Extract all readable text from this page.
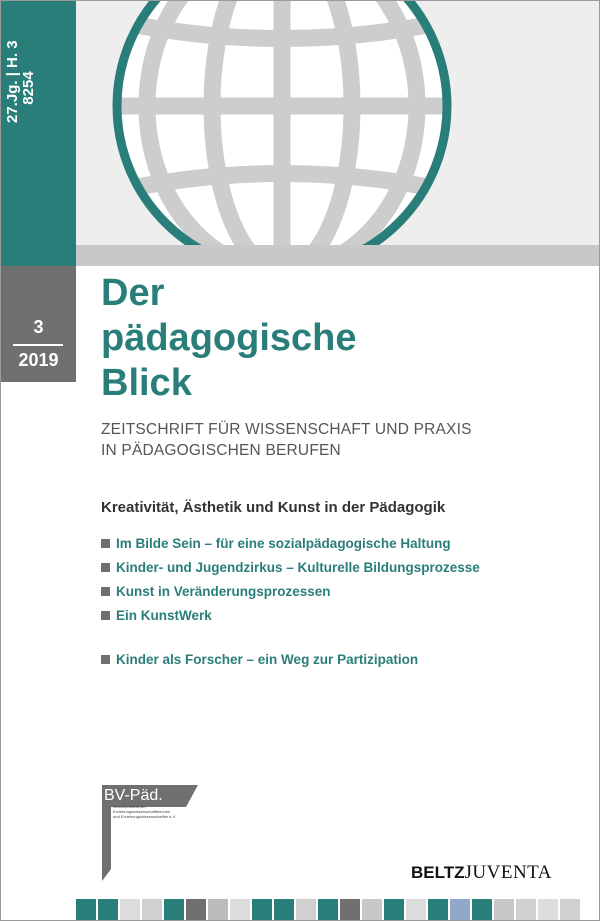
27.Jg. | H. 3 8254
3
2019
Der
pädagogische
Blick
ZEITSCHRIFT FÜR WISSENSCHAFT UND PRAXIS
IN PÄDAGOGISCHEN BERUFEN
Kreativität, Ästhetik und Kunst in der Pädagogik
Im Bilde Sein – für eine sozialpädagogische Haltung
Kinder- und Jugendzirkus – Kulturelle Bildungsprozesse
Kunst in Veränderungsprozessen
Ein KunstWerk
Kinder als Forscher – ein Weg zur Partizipation
BV-Päd.
Berufsverband der
Erziehungswissenschaftlerinnen
und Erziehungswissenschaftler e.V.
BELTZJUVENTA
